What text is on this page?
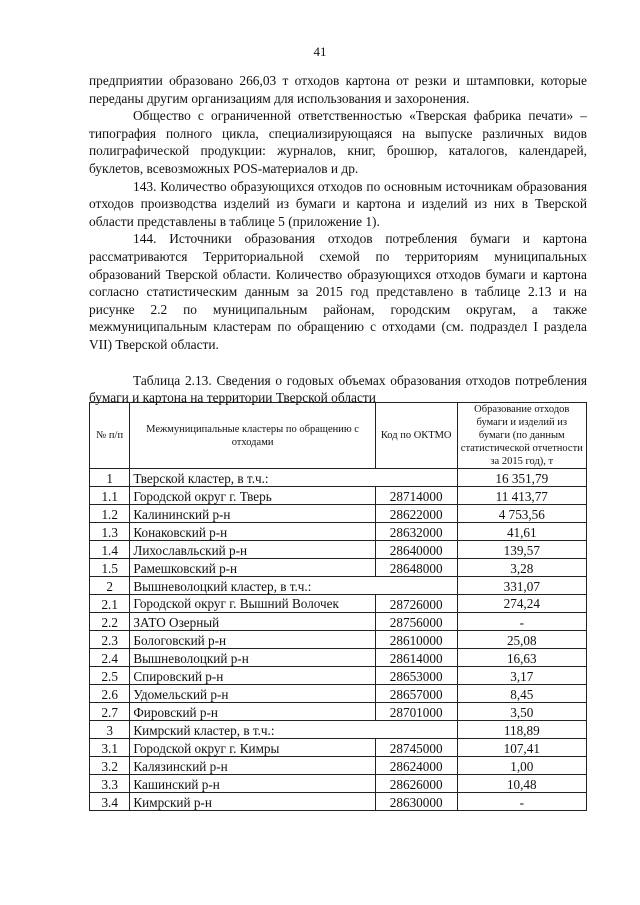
41

предприятии образовано 266,03 т отходов картона от резки и штамповки, которые переданы другим организациям для использования и захоронения.

Общество с ограниченной ответственностью «Тверская фабрика печати» – типография полного цикла, специализирующаяся на выпуске различных видов полиграфической продукции: журналов, книг, брошюр, каталогов, календарей, буклетов, всевозможных POS-материалов и др.

143. Количество образующихся отходов по основным источникам образования отходов производства изделий из бумаги и картона и изделий из них в Тверской области представлены в таблице 5 (приложение 1).

144. Источники образования отходов потребления бумаги и картона рассматриваются Территориальной схемой по территориям муниципальных образований Тверской области. Количество образующихся отходов бумаги и картона согласно статистическим данным за 2015 год представлено в таблице 2.13 и на рисунке 2.2 по муниципальным районам, городским округам, а также межмуниципальным кластерам по обращению с отходами (см. подраздел I раздела VII) Тверской области.

Таблица 2.13. Сведения о годовых объемах образования отходов потребления бумаги и картона на территории Тверской области
№ п/п	Межмуниципальные кластеры по обращению с отходами	Код по ОКТМО	Образование отходов бумаги и изделий из бумаги (по данным статистической отчетности за 2015 год), т
1	Тверской кластер, в т.ч.:		16 351,79
1.1	Городской округ г. Тверь	28714000	11 413,77
1.2	Калининский р-н	28622000	4 753,56
1.3	Конаковский р-н	28632000	41,61
1.4	Лихославльский р-н	28640000	139,57
1.5	Рамешковский р-н	28648000	3,28
2	Вышневолоцкий кластер, в т.ч.:		331,07
2.1	Городской округ г. Вышний Волочек	28726000	274,24
2.2	ЗАТО Озерный	28756000	-
2.3	Бологовский р-н	28610000	25,08
2.4	Вышневолоцкий р-н	28614000	16,63
2.5	Спировский р-н	28653000	3,17
2.6	Удомельский р-н	28657000	8,45
2.7	Фировский р-н	28701000	3,50
3	Кимрский кластер, в т.ч.:		118,89
3.1	Городской округ г. Кимры	28745000	107,41
3.2	Калязинский р-н	28624000	1,00
3.3	Кашинский р-н	28626000	10,48
3.4	Кимрский р-н	28630000	-
